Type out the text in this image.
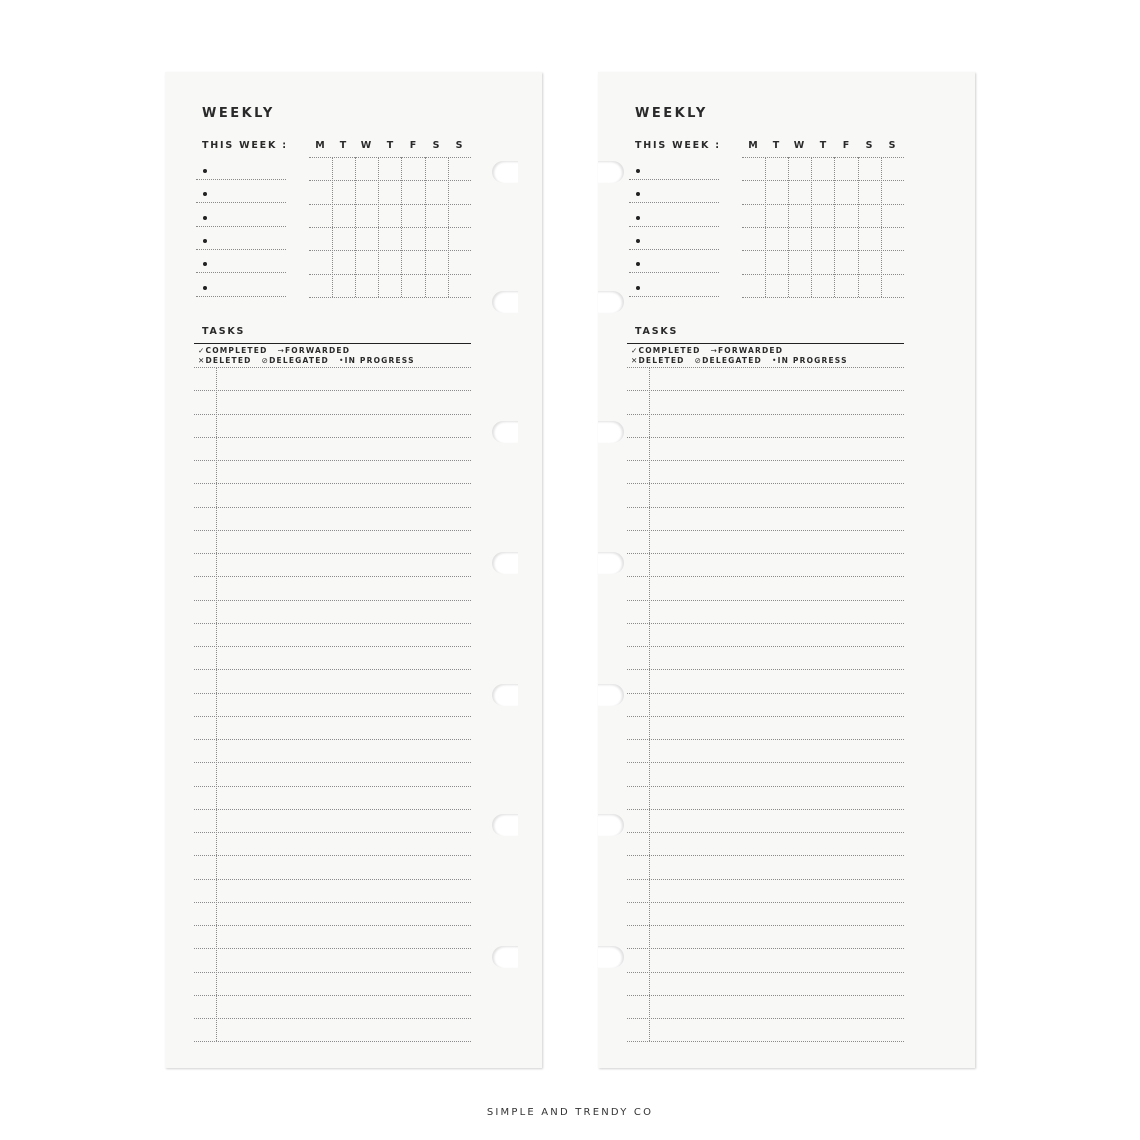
WEEKLY
THIS WEEK :	M	T	W	T	F	S	S
TASKS
✓COMPLETED →FORWARDED
✕DELETED ⊘DELEGATED •IN PROGRESS
WEEKLY
THIS WEEK :	M	T	W	T	F	S	S
TASKS
✓COMPLETED →FORWARDED
✕DELETED ⊘DELEGATED •IN PROGRESS
SIMPLE AND TRENDY CO
